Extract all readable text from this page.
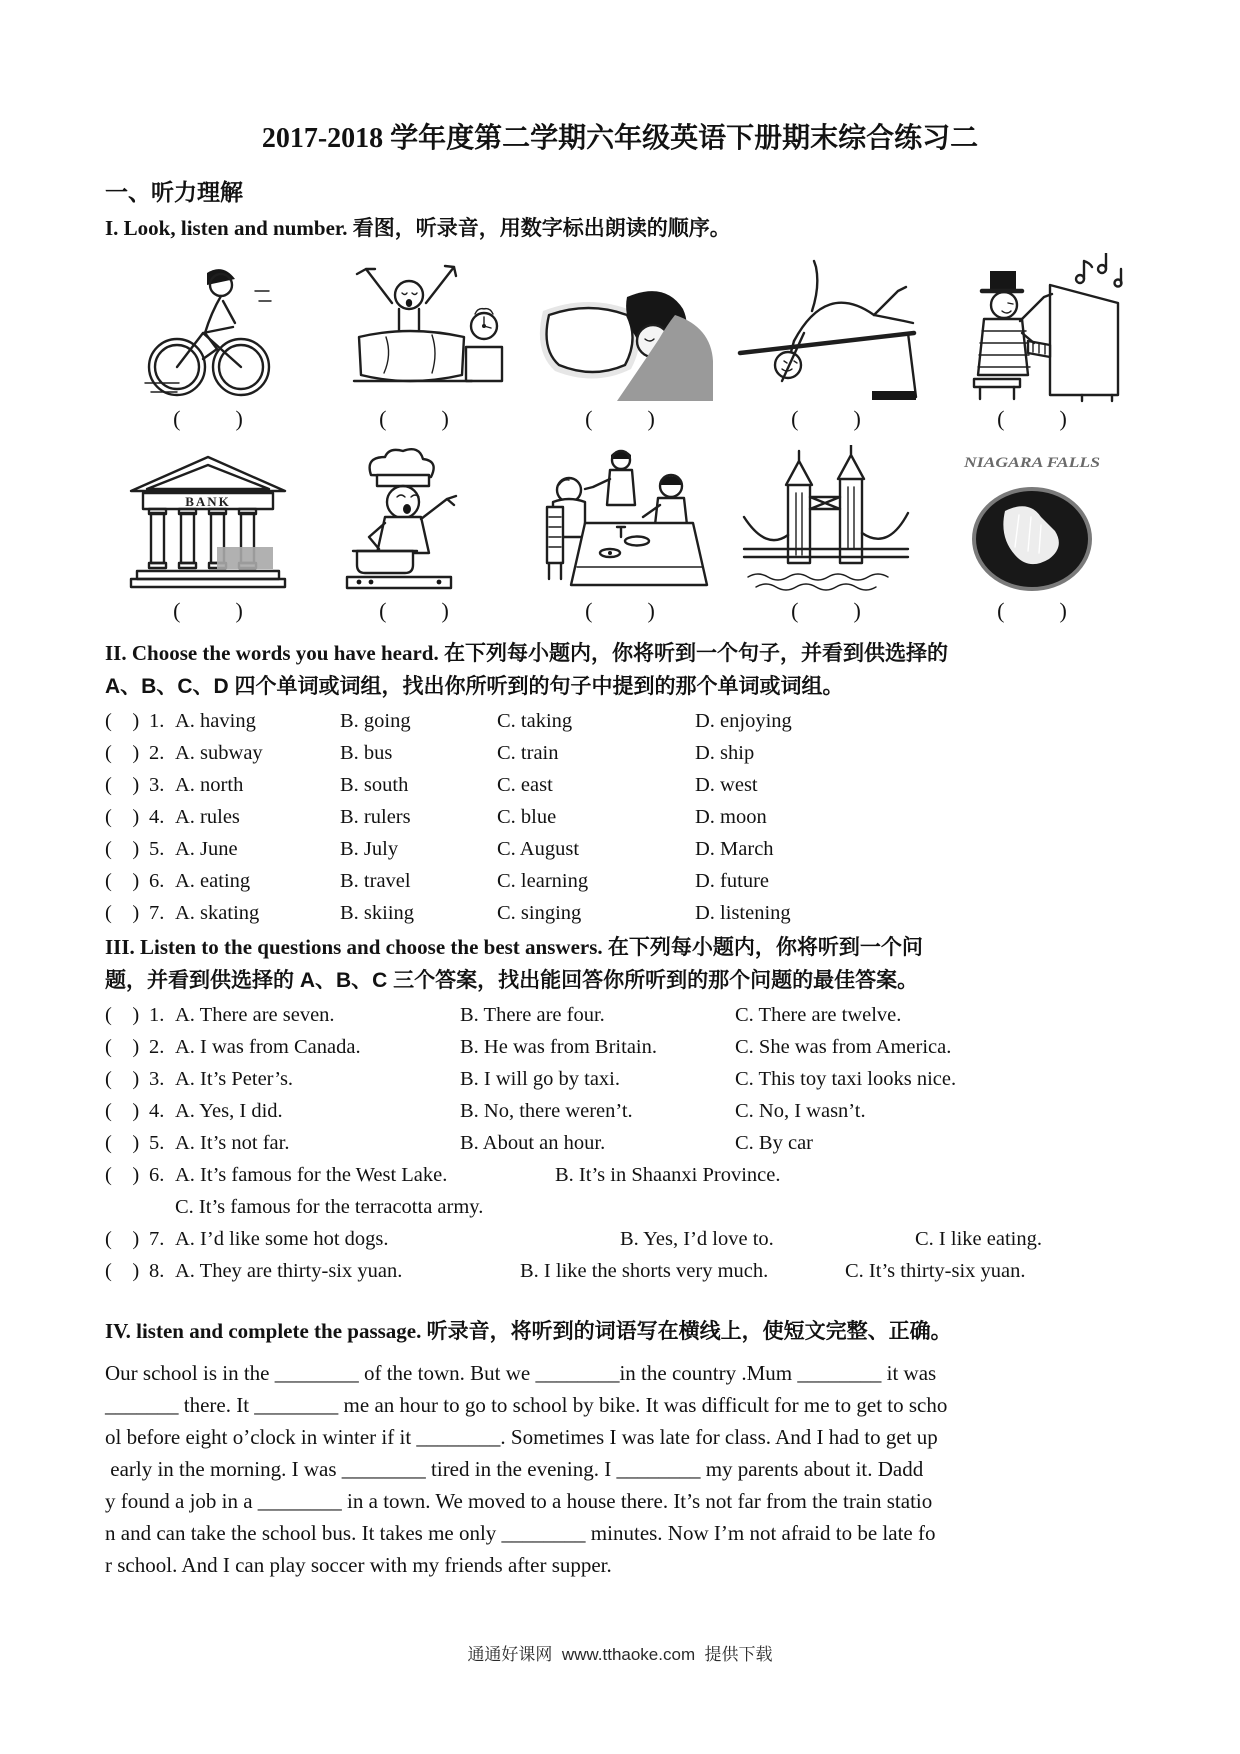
2017-2018 学年度第二学期六年级英语下册期末综合练习二
一、听力理解
I. Look, listen and number. 看图，听录音，用数字标出朗读的顺序。
(          )	(          )	(          )	(          )	(          )
BANK
(          )	(          )	(          )	(          )
NIAGARA FALLS
(          )
II. Choose the words you have heard. 在下列每小题内，你将听到一个句子，并看到供选择的
A、B、C、D 四个单词或词组，找出你所听到的句子中提到的那个单词或词组。
(    ) 1. A. having	B. going	C. taking	D. enjoying
(    ) 2. A. subway	B. bus	C. train	D. ship
(    ) 3. A. north	B. south	C. east	D. west
(    ) 4. A. rules	B. rulers	C. blue	D. moon
(    ) 5. A. June	B. July	C. August	D. March
(    ) 6. A. eating	B. travel	C. learning	D. future
(    ) 7. A. skating	B. skiing	C. singing	D. listening
III. Listen to the questions and choose the best answers. 在下列每小题内，你将听到一个问
题，并看到供选择的 A、B、C 三个答案，找出能回答你所听到的那个问题的最佳答案。
(    ) 1. A. There are seven.	B. There are four.	C. There are twelve.
(    ) 2. A. I was from Canada.	B. He was from Britain.	C. She was from America.
(    ) 3. A. It’s Peter’s.	B. I will go by taxi.	C. This toy taxi looks nice.
(    ) 4. A. Yes, I did.	B. No, there weren’t.	C. No, I wasn’t.
(    ) 5. A. It’s not far.	B. About an hour.	C. By car
(    ) 6. A. It’s famous for the West Lake.	B. It’s in Shaanxi Province.
C. It’s famous for the terracotta army.
(    ) 7. A. I’d like some hot dogs.	B. Yes, I’d love to.	C. I like eating.
(    ) 8. A. They are thirty-six yuan.	B. I like the shorts very much.	C. It’s thirty-six yuan.
IV. listen and complete the passage. 听录音，将听到的词语写在横线上，使短文完整、正确。
Our school is in the ________ of the town. But we ________in the country .Mum ________ it was
_______ there. It ________ me an hour to go to school by bike. It was difficult for me to get to scho
ol before eight o’clock in winter if it ________. Sometimes I was late for class. And I had to get up
early in the morning. I was ________ tired in the evening. I ________ my parents about it. Dadd
y found a job in a ________ in a town. We moved to a house there. It’s not far from the train statio
n and can take the school bus. It takes me only ________ minutes. Now I’m not afraid to be late fo
r school. And I can play soccer with my friends after supper.
通通好课网  www.tthaoke.com  提供下载
